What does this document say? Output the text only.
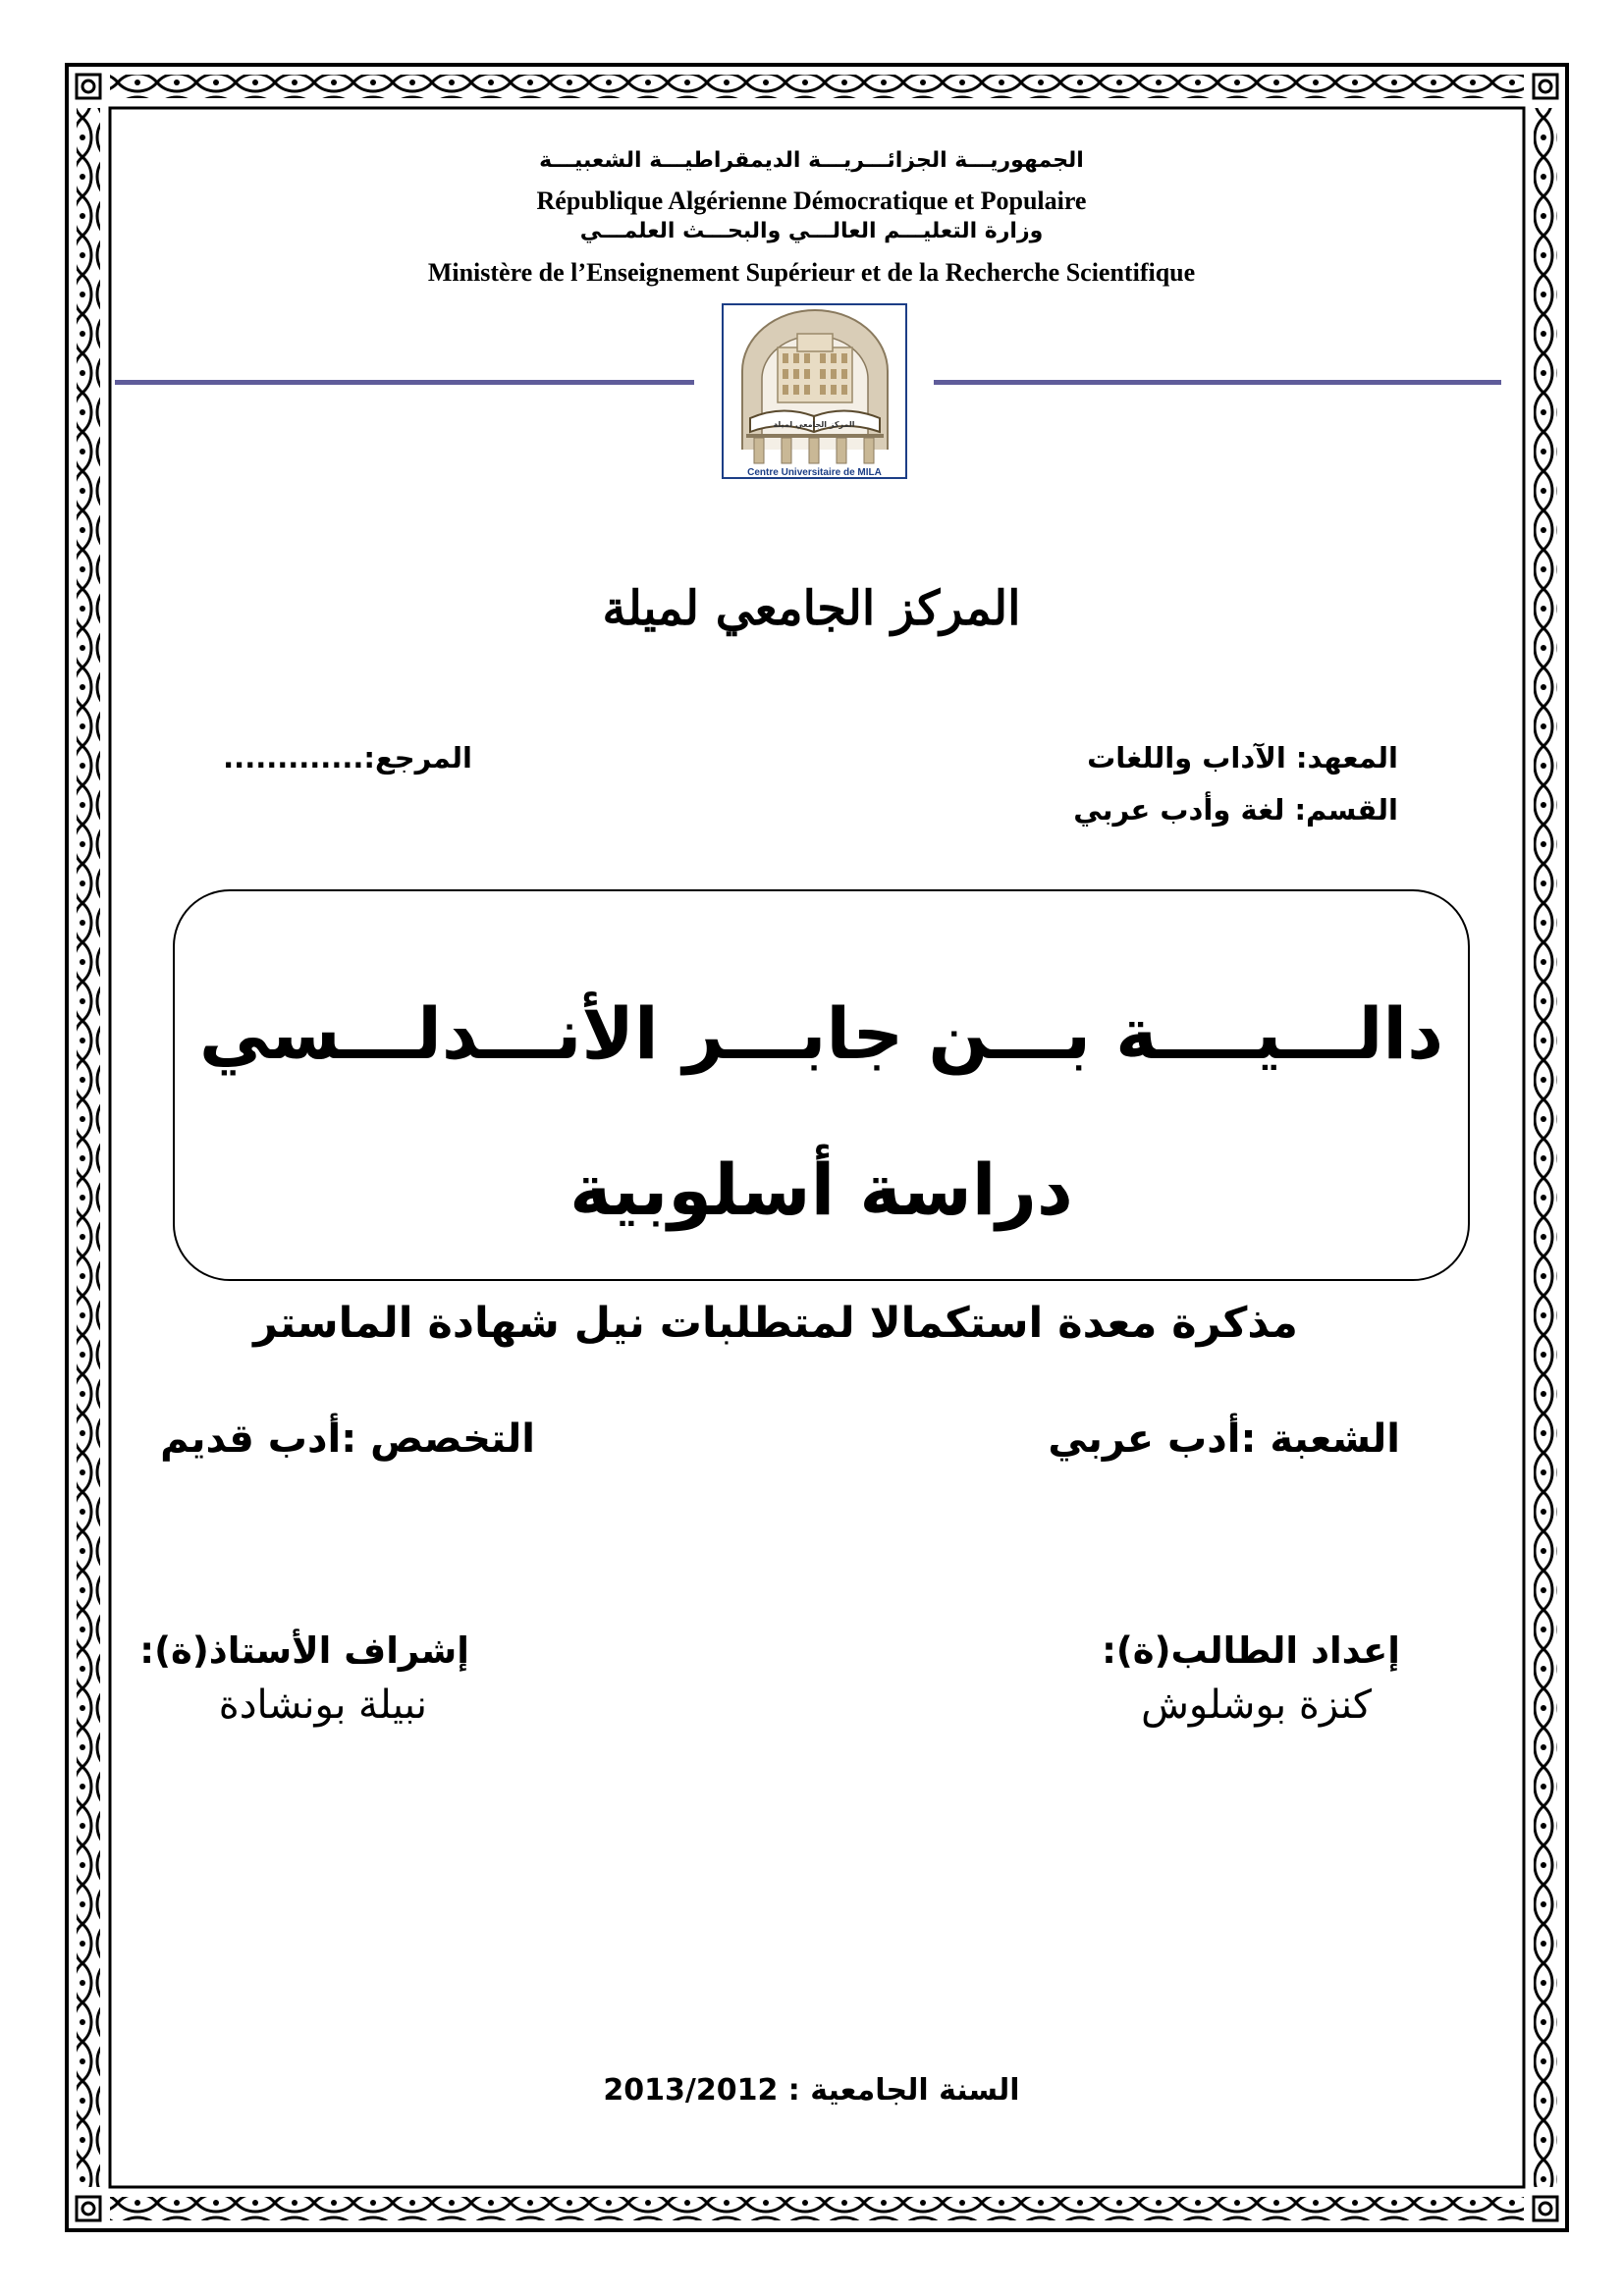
الجمهوريـــة الجزائـــريـــة الديمقراطيـــة الشعبيـــة
République Algérienne Démocratique et Populaire
وزارة التعليـــم العالـــي والبحـــث العلمـــي
Ministère de l’Enseignement Supérieur et de la Recherche Scientifique
المركز الجامعي لميلة
Centre Universitaire de MILA
المركز الجامعي لميلة
المعهد: الآداب واللغات
القسم: لغة وأدب عربي
المرجع:.............
دالـــيــــة بـــن جابـــر الأنـــدلـــسي
دراسة أسلوبية
مذكرة معدة استكمالا لمتطلبات نيل شهادة الماستر
الشعبة :أدب عربي
التخصص :أدب قديم
إعداد الطالب(ة):
كنزة بوشلوش
إشراف الأستاذ(ة):
نبيلة بونشادة
السنة الجامعية : 2013/2012
